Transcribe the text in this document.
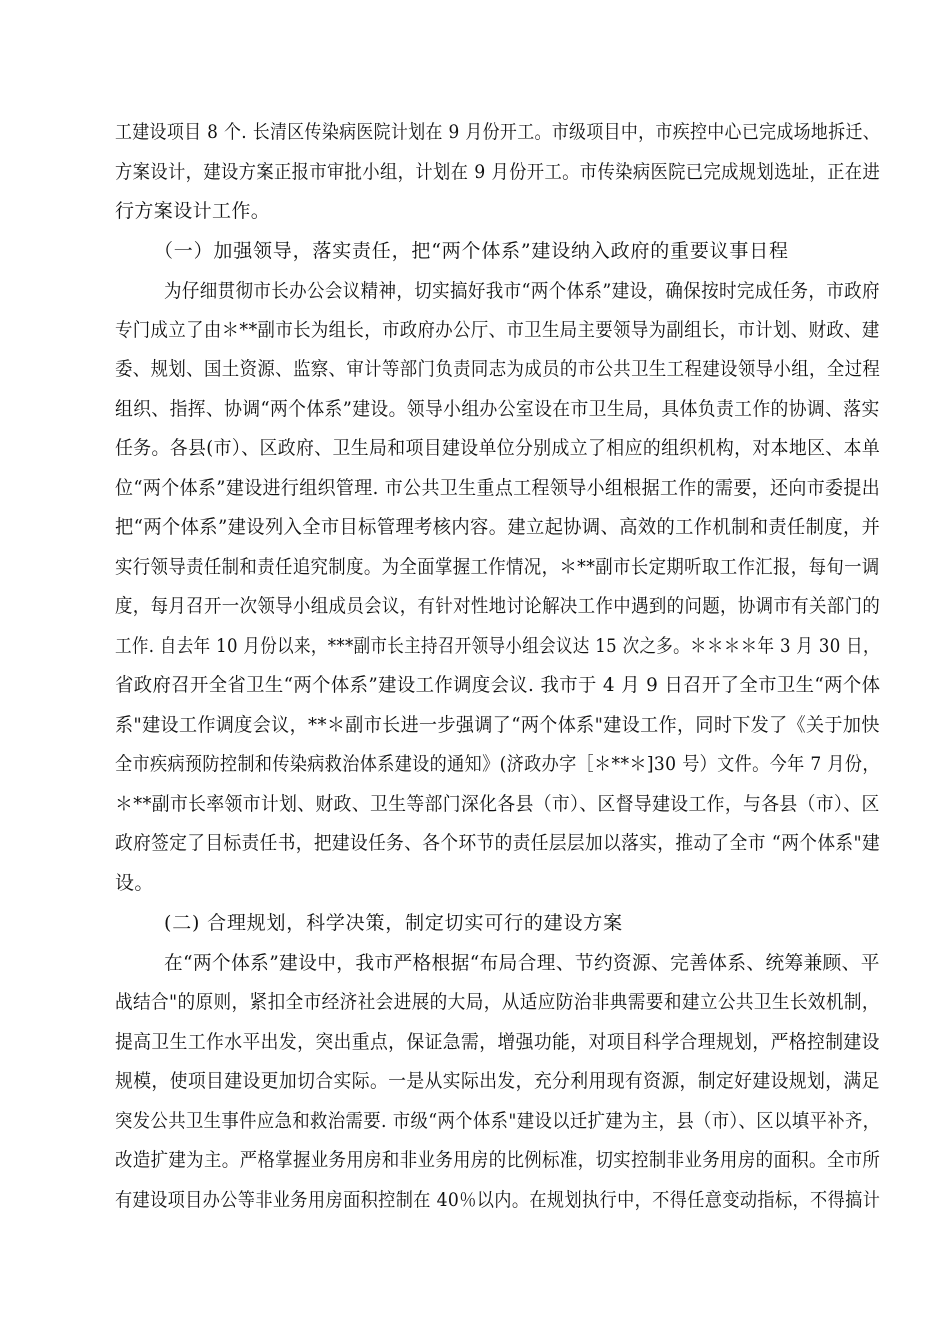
工建设项目 8 个. 长清区传染病医院计划在 9 月份开工。市级项目中，市疾控中心已完成场地拆迁、
方案设计，建设方案正报市审批小组，计划在 9 月份开工。市传染病医院已完成规划选址，正在进
行方案设计工作。
（一）加强领导，落实责任，把“两个体系”建设纳入政府的重要议事日程
为仔细贯彻市长办公会议精神，切实搞好我市“两个体系”建设，确保按时完成任务，市政府
专门成立了由＊**副市长为组长，市政府办公厅、市卫生局主要领导为副组长，市计划、财政、建
委、规划、国土资源、监察、审计等部门负责同志为成员的市公共卫生工程建设领导小组，全过程
组织、指挥、协调“两个体系”建设。领导小组办公室设在市卫生局，具体负责工作的协调、落实
任务。各县(市）、区政府、卫生局和项目建设单位分别成立了相应的组织机构，对本地区、本单
位“两个体系”建设进行组织管理. 市公共卫生重点工程领导小组根据工作的需要，还向市委提出
把“两个体系”建设列入全市目标管理考核内容。建立起协调、高效的工作机制和责任制度，并
实行领导责任制和责任追究制度。为全面掌握工作情况，＊**副市长定期听取工作汇报，每旬一调
度，每月召开一次领导小组成员会议，有针对性地讨论解决工作中遇到的问题，协调市有关部门的
工作. 自去年 10 月份以来，***副市长主持召开领导小组会议达 15 次之多。＊＊＊＊年 3 月 30 日，
省政府召开全省卫生“两个体系”建设工作调度会议. 我市于 4 月 9 日召开了全市卫生“两个体
系"建设工作调度会议，**＊副市长进一步强调了“两个体系"建设工作，同时下发了《关于加快
全市疾病预防控制和传染病救治体系建设的通知》(济政办字［＊**＊]30 号）文件。今年 7 月份，
＊**副市长率领市计划、财政、卫生等部门深化各县（市）、区督导建设工作，与各县（市）、区
政府签定了目标责任书，把建设任务、各个环节的责任层层加以落实，推动了全市 “两个体系"建
设。
(二) 合理规划，科学决策，制定切实可行的建设方案
在“两个体系”建设中，我市严格根据“布局合理、节约资源、完善体系、统筹兼顾、平
战结合"的原则，紧扣全市经济社会进展的大局，从适应防治非典需要和建立公共卫生长效机制，
提高卫生工作水平出发，突出重点，保证急需，增强功能，对项目科学合理规划，严格控制建设
规模，使项目建设更加切合实际。一是从实际出发，充分利用现有资源，制定好建设规划，满足
突发公共卫生事件应急和救治需要. 市级“两个体系"建设以迁扩建为主，县（市）、区以填平补齐，
改造扩建为主。严格掌握业务用房和非业务用房的比例标准，切实控制非业务用房的面积。全市所
有建设项目办公等非业务用房面积控制在 40％以内。在规划执行中，不得任意变动指标，不得搞计
